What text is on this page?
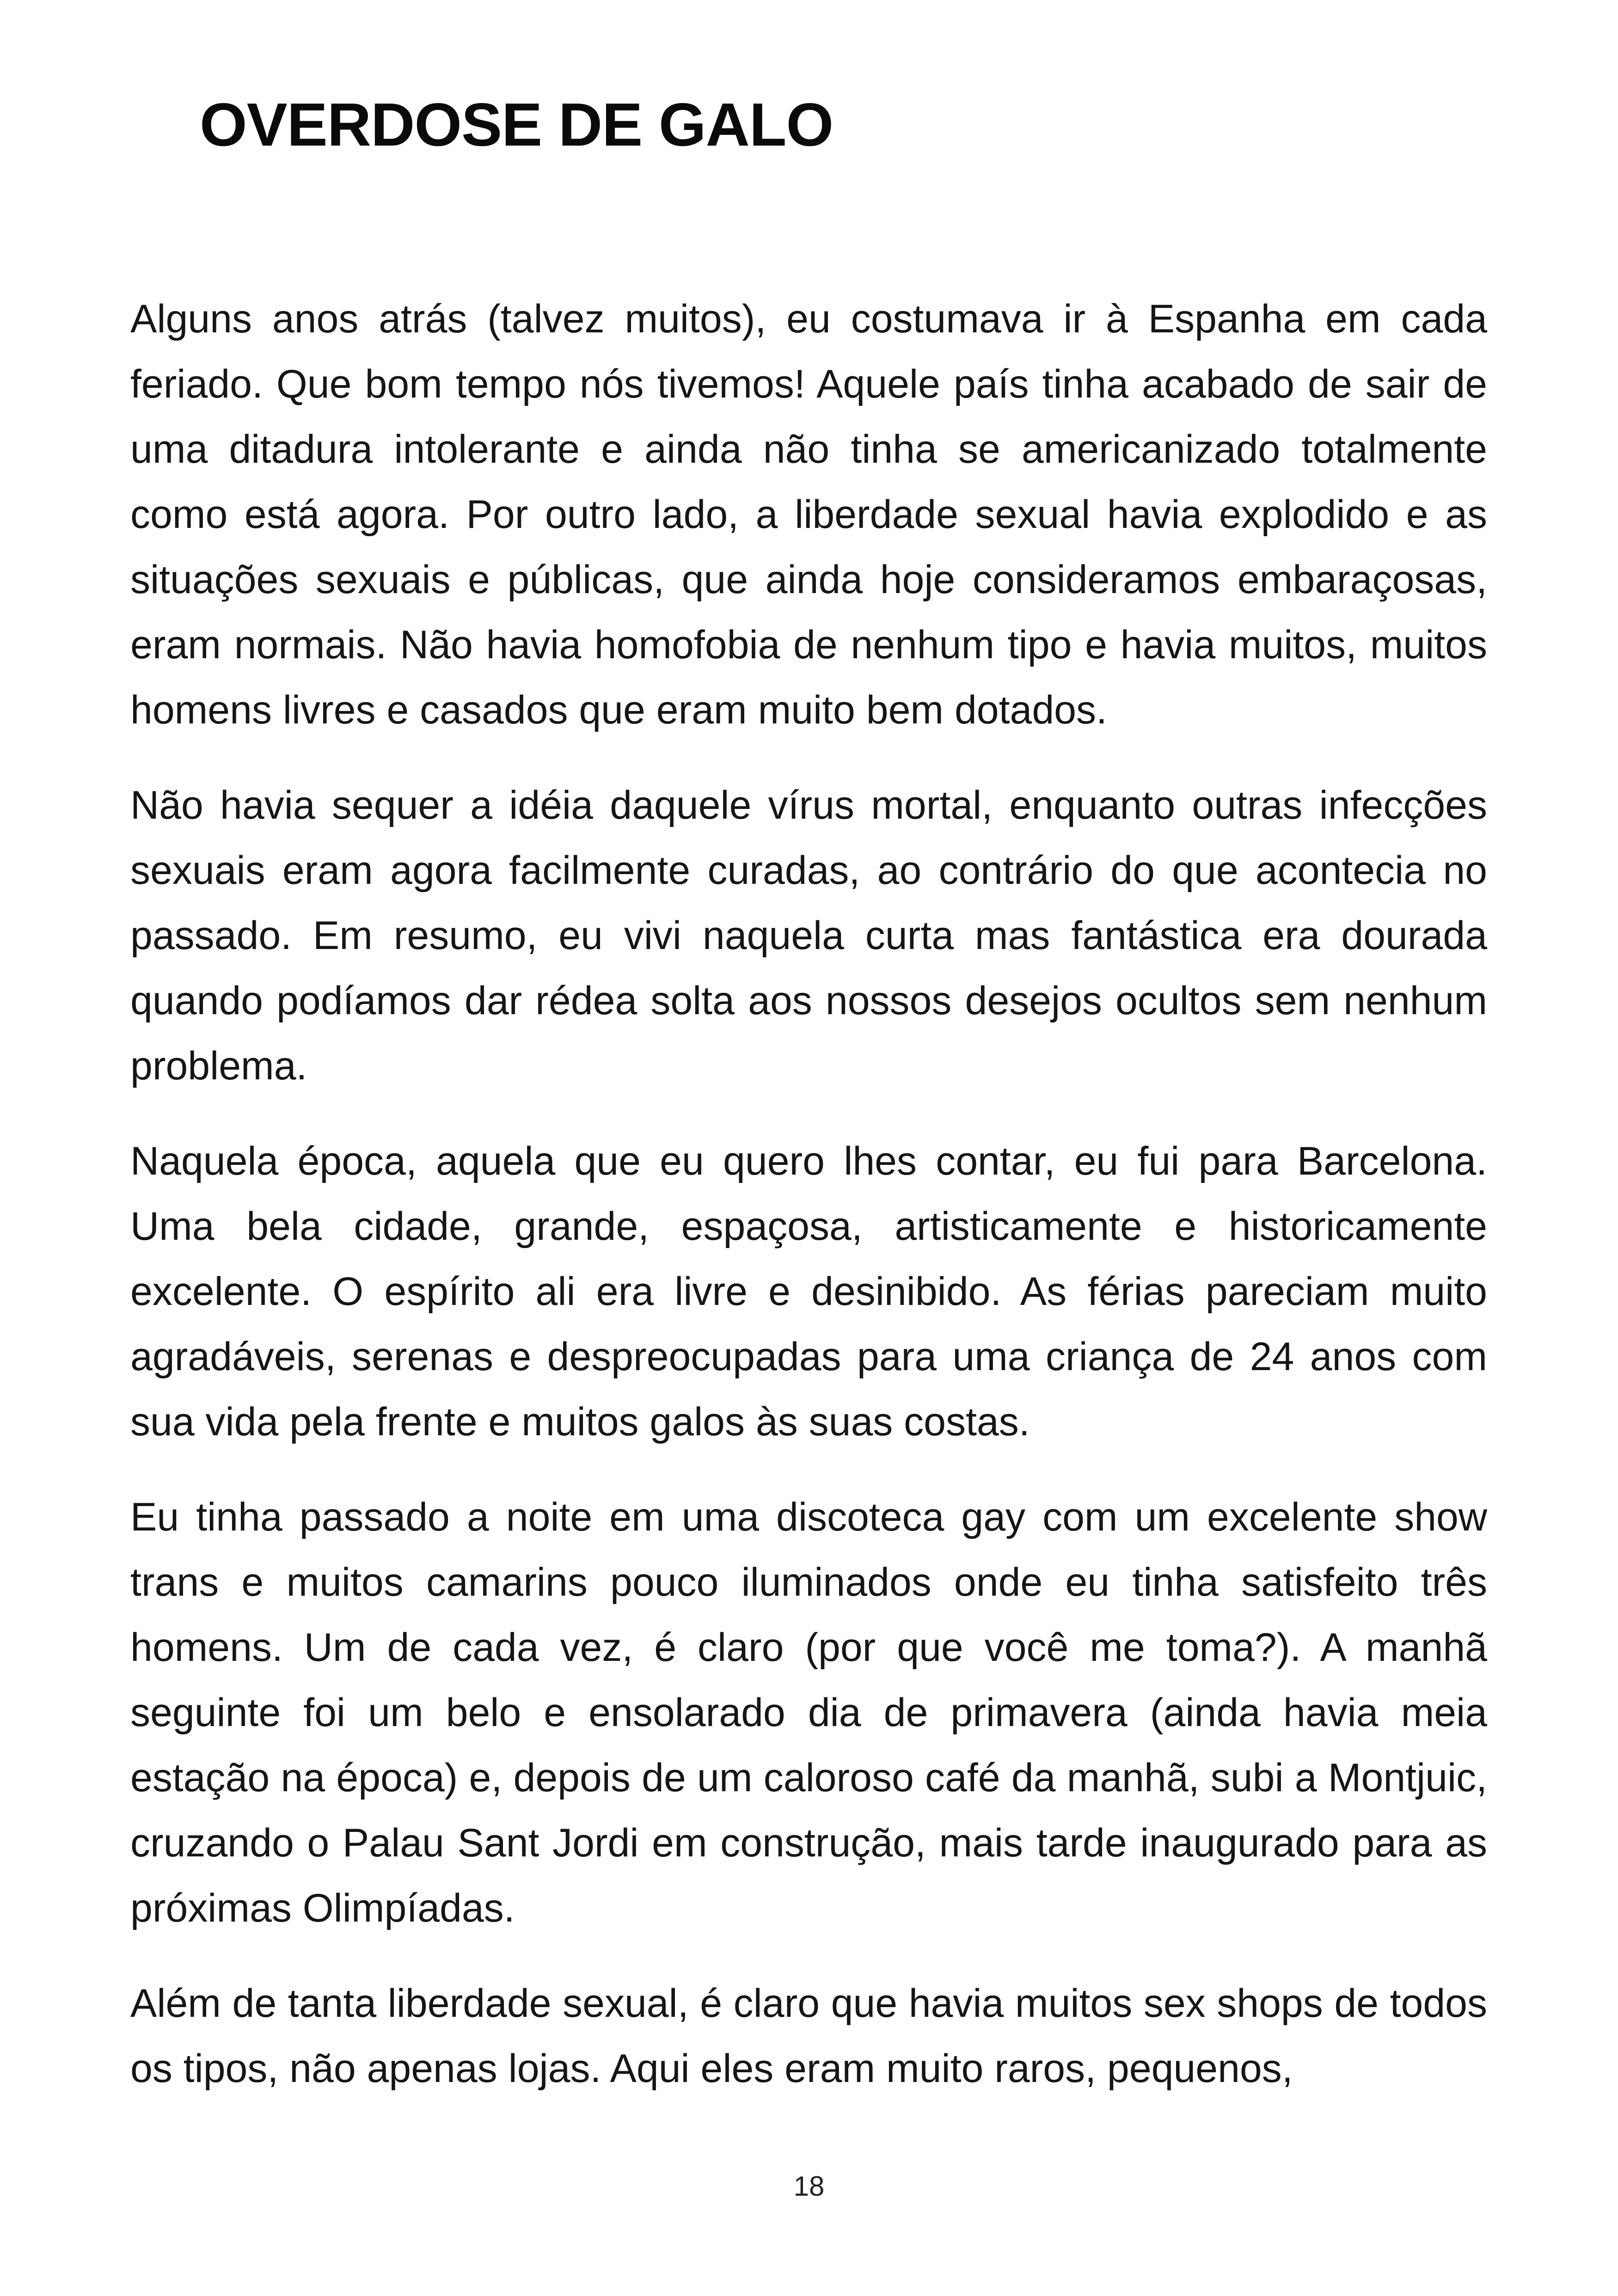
OVERDOSE DE GALO

Alguns anos atrás (talvez muitos), eu costumava ir à Espanha em cada feriado. Que bom tempo nós tivemos! Aquele país tinha acabado de sair de uma ditadura intolerante e ainda não tinha se americanizado totalmente como está agora. Por outro lado, a liberdade sexual havia explodido e as situações sexuais e públicas, que ainda hoje consideramos embaraçosas, eram normais. Não havia homofobia de nenhum tipo e havia muitos, muitos homens livres e casados que eram muito bem dotados.

Não havia sequer a idéia daquele vírus mortal, enquanto outras infecções sexuais eram agora facilmente curadas, ao contrário do que acontecia no passado. Em resumo, eu vivi naquela curta mas fantástica era dourada quando podíamos dar rédea solta aos nossos desejos ocultos sem nenhum problema.

Naquela época, aquela que eu quero lhes contar, eu fui para Barcelona. Uma bela cidade, grande, espaçosa, artisticamente e historicamente excelente. O espírito ali era livre e desinibido. As férias pareciam muito agradáveis, serenas e despreocupadas para uma criança de 24 anos com sua vida pela frente e muitos galos às suas costas.

Eu tinha passado a noite em uma discoteca gay com um excelente show trans e muitos camarins pouco iluminados onde eu tinha satisfeito três homens. Um de cada vez, é claro (por que você me toma?). A manhã seguinte foi um belo e ensolarado dia de primavera (ainda havia meia estação na época) e, depois de um caloroso café da manhã, subi a Montjuic, cruzando o Palau Sant Jordi em construção, mais tarde inaugurado para as próximas Olimpíadas.

Além de tanta liberdade sexual, é claro que havia muitos sex shops de todos os tipos, não apenas lojas. Aqui eles eram muito raros, pequenos,

18
